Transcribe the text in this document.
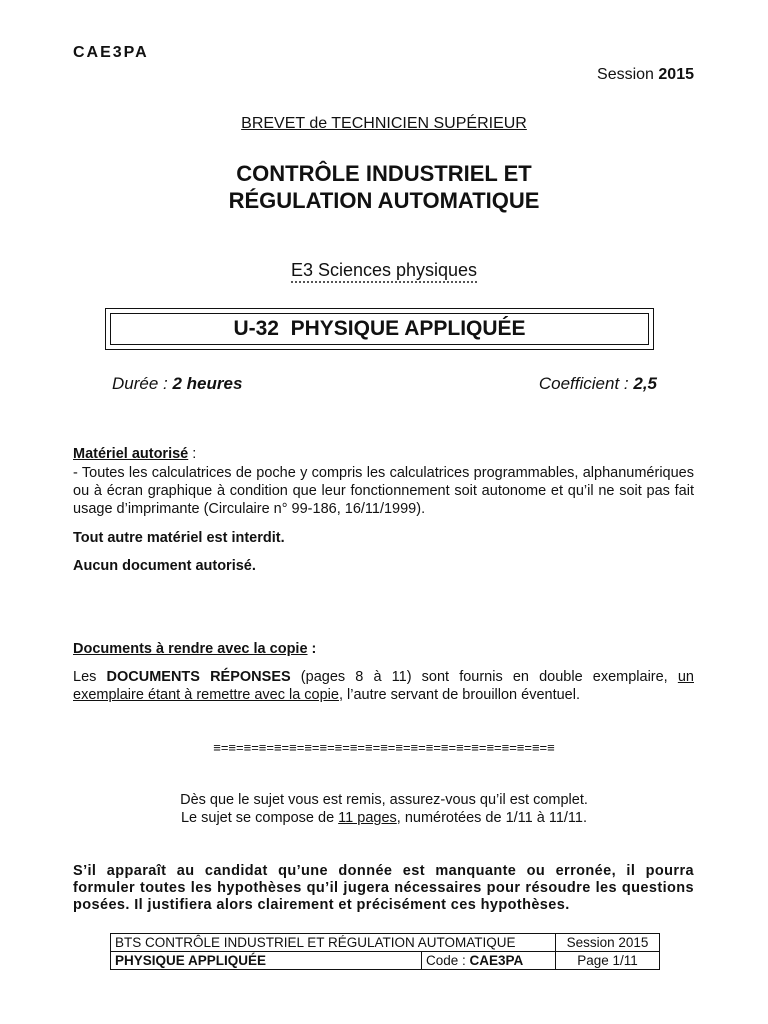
CAE3PA
Session 2015
BREVET de TECHNICIEN SUPÉRIEUR
CONTRÔLE INDUSTRIEL ET
RÉGULATION AUTOMATIQUE
E3 Sciences physiques
U-32  PHYSIQUE APPLIQUÉE
Durée : 2 heures	Coefficient : 2,5
Matériel autorisé :
- Toutes les calculatrices de poche y compris les calculatrices programmables, alphanumériques ou à écran graphique à condition que leur fonctionnement soit autonome et qu’il ne soit pas fait usage d’imprimante (Circulaire n° 99-186, 16/11/1999).
Tout autre matériel est interdit.
Aucun document autorisé.
Documents à rendre avec la copie :
Les DOCUMENTS RÉPONSES (pages 8 à 11) sont fournis en double exemplaire, un exemplaire étant à remettre avec la copie, l’autre servant de brouillon éventuel.
≡=≡=≡=≡=≡=≡=≡=≡=≡=≡=≡=≡=≡=≡=≡=≡=≡=≡=≡=≡=≡=≡=≡
Dès que le sujet vous est remis, assurez-vous qu’il est complet.
Le sujet se compose de 11 pages, numérotées de 1/11 à 11/11.
S’il apparaît au candidat qu’une donnée est manquante ou erronée, il pourra formuler toutes les hypothèses qu’il jugera nécessaires pour résoudre les questions posées. Il justifiera alors clairement et précisément ces hypothèses.
BTS CONTRÔLE INDUSTRIEL ET RÉGULATION AUTOMATIQUE		Session 2015
PHYSIQUE APPLIQUÉE	Code : CAE3PA	Page 1/11
